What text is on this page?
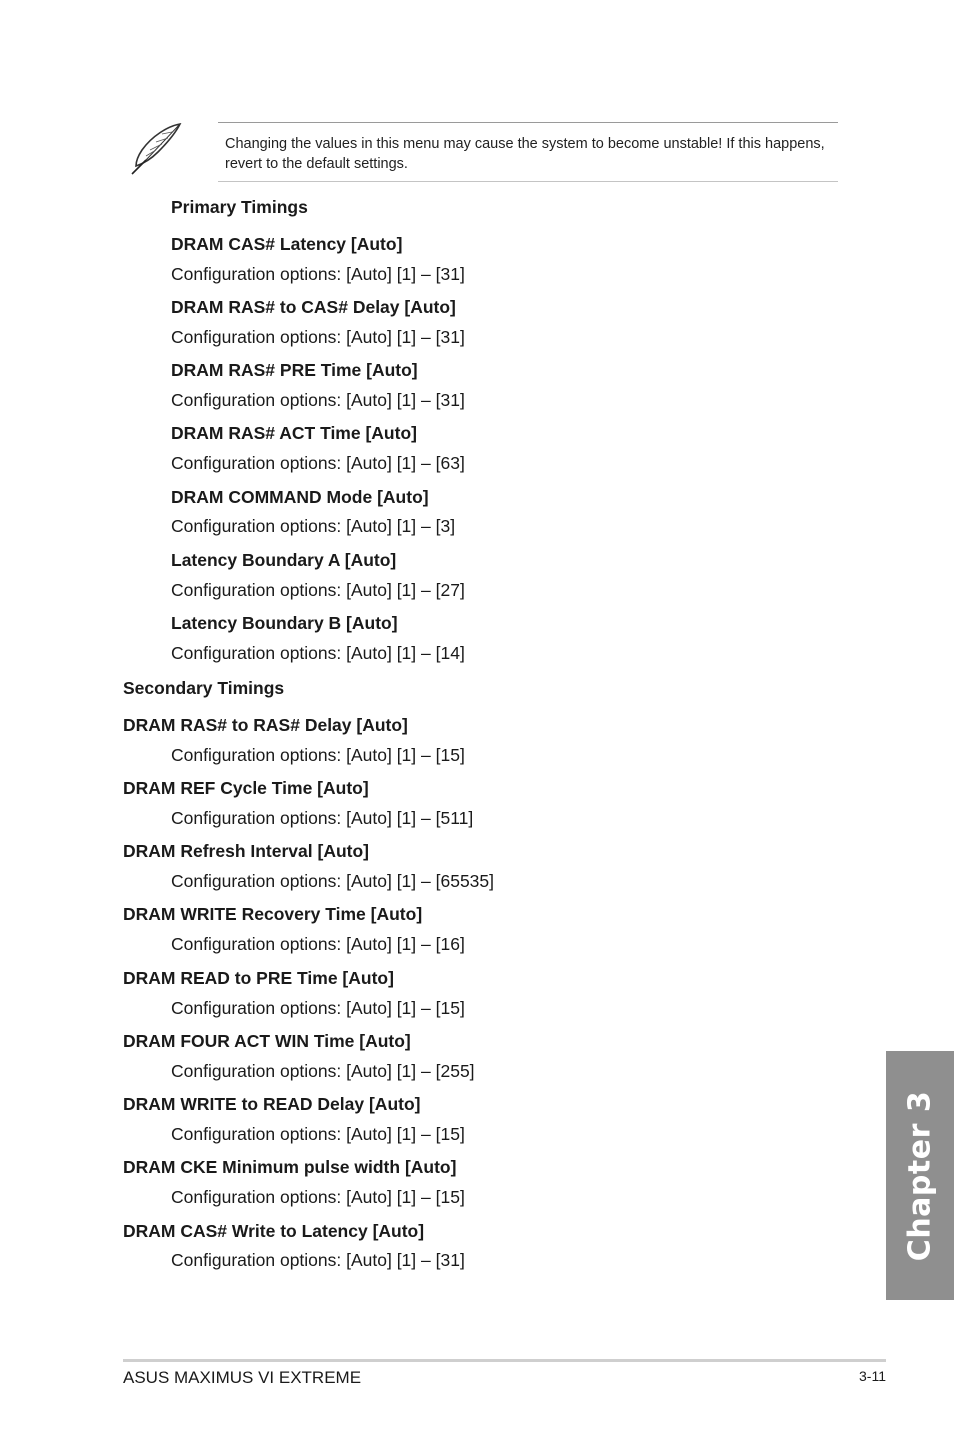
Changing the values in this menu may cause the system to become unstable! If this happens, revert to the default settings.
Primary Timings
DRAM CAS# Latency [Auto]
Configuration options: [Auto] [1] – [31]
DRAM RAS# to CAS# Delay [Auto]
Configuration options: [Auto] [1] – [31]
DRAM RAS# PRE Time [Auto]
Configuration options: [Auto] [1] – [31]
DRAM RAS# ACT Time [Auto]
Configuration options: [Auto] [1] – [63]
DRAM COMMAND Mode [Auto]
Configuration options: [Auto] [1] – [3]
Latency Boundary A [Auto]
Configuration options: [Auto] [1] – [27]
Latency Boundary B [Auto]
Configuration options: [Auto] [1] – [14]
Secondary Timings
DRAM RAS# to RAS# Delay [Auto]
Configuration options: [Auto] [1] – [15]
DRAM REF Cycle Time [Auto]
Configuration options: [Auto] [1] – [511]
DRAM Refresh Interval [Auto]
Configuration options: [Auto] [1] – [65535]
DRAM WRITE Recovery Time [Auto]
Configuration options: [Auto] [1] – [16]
DRAM READ to PRE Time [Auto]
Configuration options: [Auto] [1] – [15]
DRAM FOUR ACT WIN Time [Auto]
Configuration options: [Auto] [1] – [255]
DRAM WRITE to READ Delay [Auto]
Configuration options: [Auto] [1] – [15]
DRAM CKE Minimum pulse width [Auto]
Configuration options: [Auto] [1] – [15]
DRAM CAS# Write to Latency [Auto]
Configuration options: [Auto] [1] – [31]	Chapter 3
ASUS MAXIMUS VI EXTREME	3-11
